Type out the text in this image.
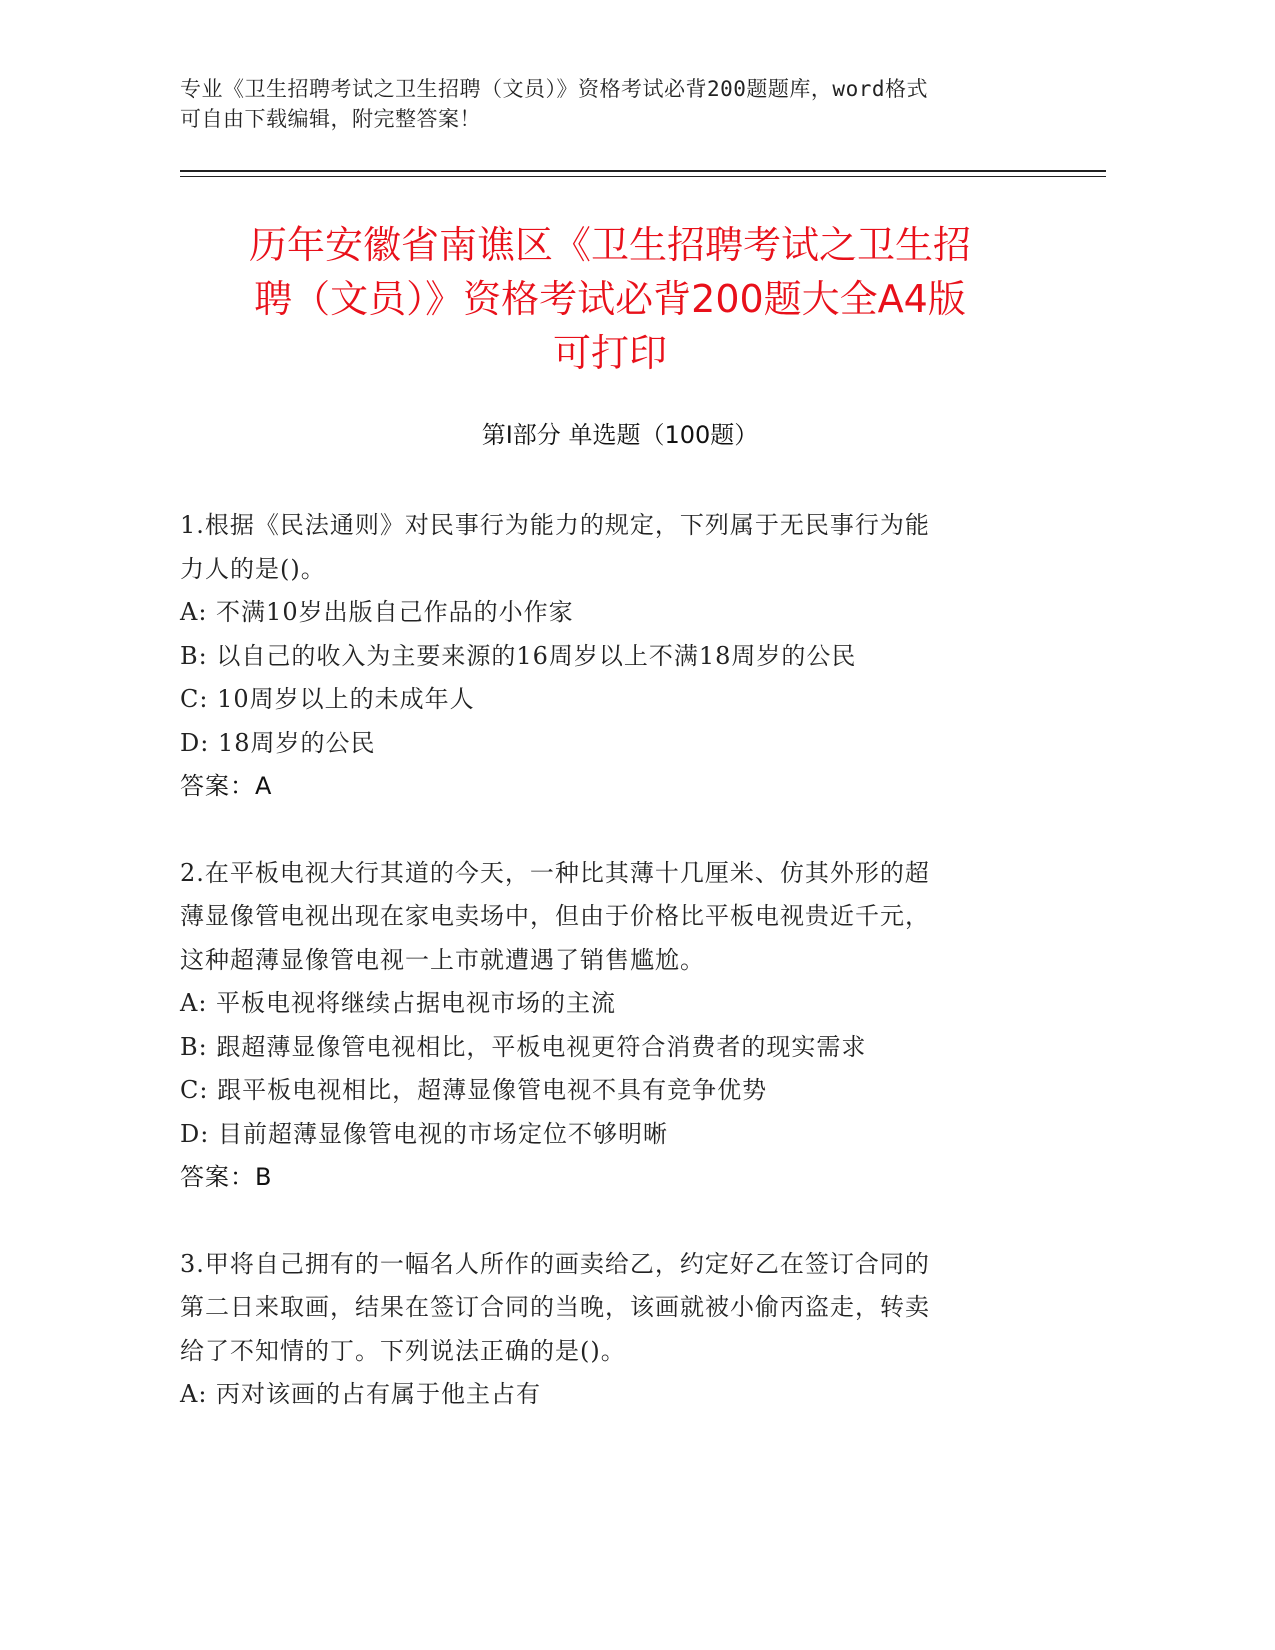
专业《卫生招聘考试之卫生招聘（文员）》资格考试必背200题题库，word格式
可自由下载编辑，附完整答案！
历年安徽省南谯区《卫生招聘考试之卫生招
聘（文员）》资格考试必背200题大全A4版
可打印
第Ⅰ部分 单选题（100题）
1.根据《民法通则》对民事行为能力的规定，下列属于无民事行为能
力人的是()。
A: 不满10岁出版自己作品的小作家
B: 以自己的收入为主要来源的16周岁以上不满18周岁的公民
C: 10周岁以上的未成年人
D: 18周岁的公民
答案：A
2.在平板电视大行其道的今天，一种比其薄十几厘米、仿其外形的超
薄显像管电视出现在家电卖场中，但由于价格比平板电视贵近千元，
这种超薄显像管电视一上市就遭遇了销售尴尬。
A: 平板电视将继续占据电视市场的主流
B: 跟超薄显像管电视相比，平板电视更符合消费者的现实需求
C: 跟平板电视相比，超薄显像管电视不具有竞争优势
D: 目前超薄显像管电视的市场定位不够明晰
答案：B
3.甲将自己拥有的一幅名人所作的画卖给乙，约定好乙在签订合同的
第二日来取画，结果在签订合同的当晚，该画就被小偷丙盗走，转卖
给了不知情的丁。下列说法正确的是()。
A: 丙对该画的占有属于他主占有
